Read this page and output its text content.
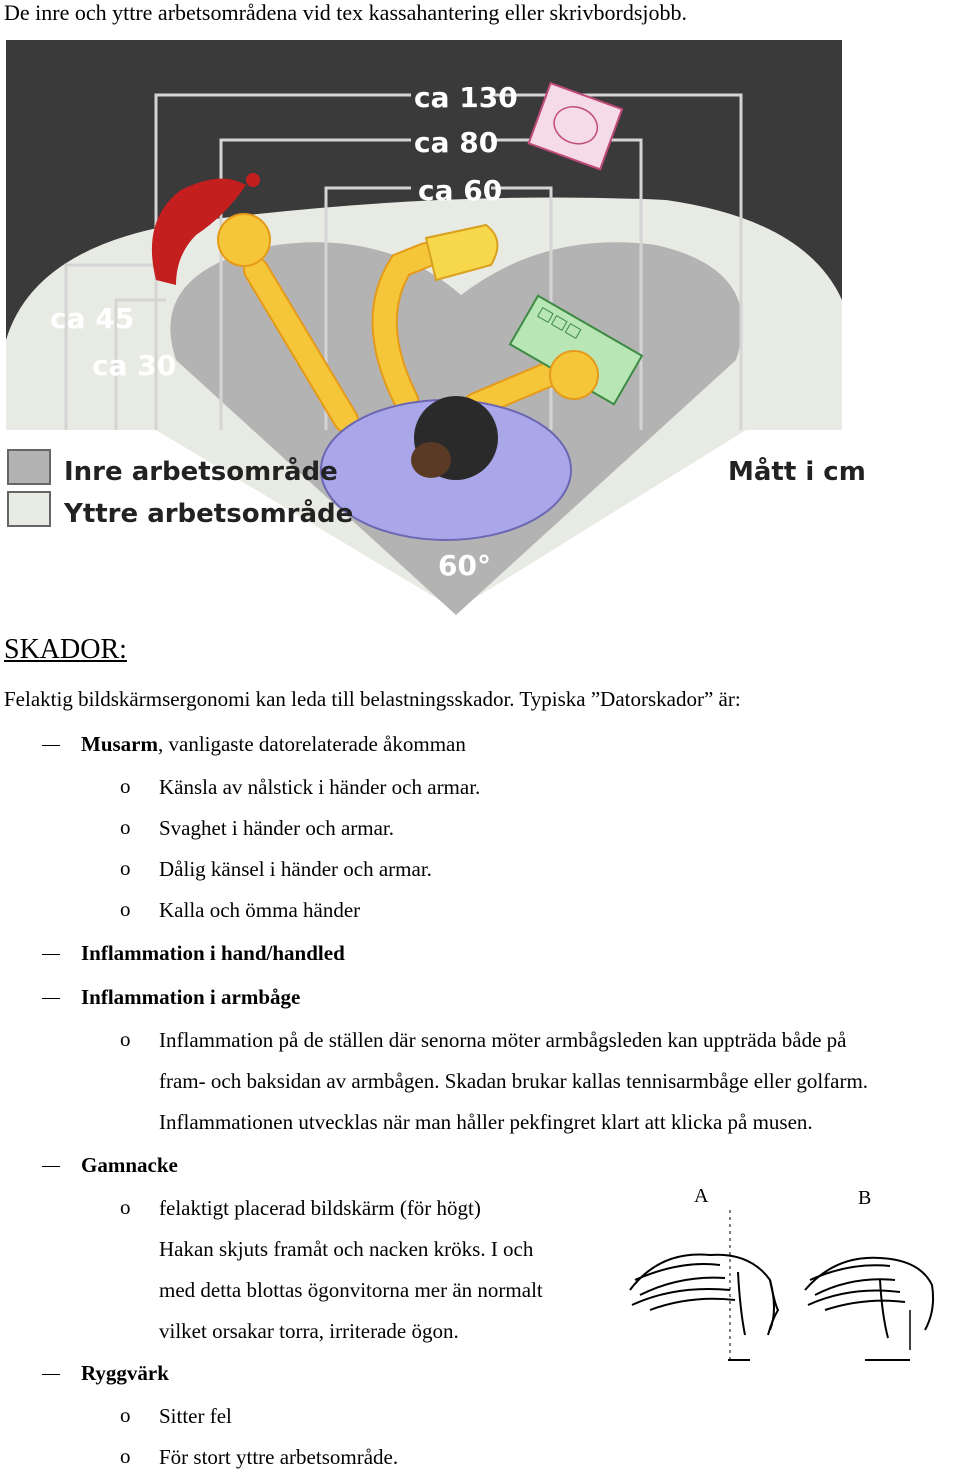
De inre och yttre arbetsområdena vid tex kassahantering eller skrivbordsjobb.
ca 130
ca 80
ca 60
ca 45
ca 30
60°
Inre arbetsområde
Yttre arbetsområde
Mått i cm
SKADOR:
Felaktig bildskärmsergonomi kan leda till belastningsskador. Typiska ”Datorskador” är:
Musarm, vanligaste datorelaterade åkomman
o Känsla av nålstick i händer och armar.
o Svaghet i händer och armar.
o Dålig känsel i händer och armar.
o Kalla och ömma händer
Inflammation i hand/handled
Inflammation i armbåge
o Inflammation på de ställen där senorna möter armbågsleden kan uppträda både på
fram- och baksidan av armbågen. Skadan brukar kallas tennisarmbåge eller golfarm.
Inflammationen utvecklas när man håller pekfingret klart att klicka på musen.
Gamnacke
o felaktigt placerad bildskärm (för högt)
Hakan skjuts framåt och nacken kröks. I och
med detta blottas ögonvitorna mer än normalt
vilket orsakar torra, irriterade ögon.
A	B
Ryggvärk
o Sitter fel
o För stort yttre arbetsområde.
